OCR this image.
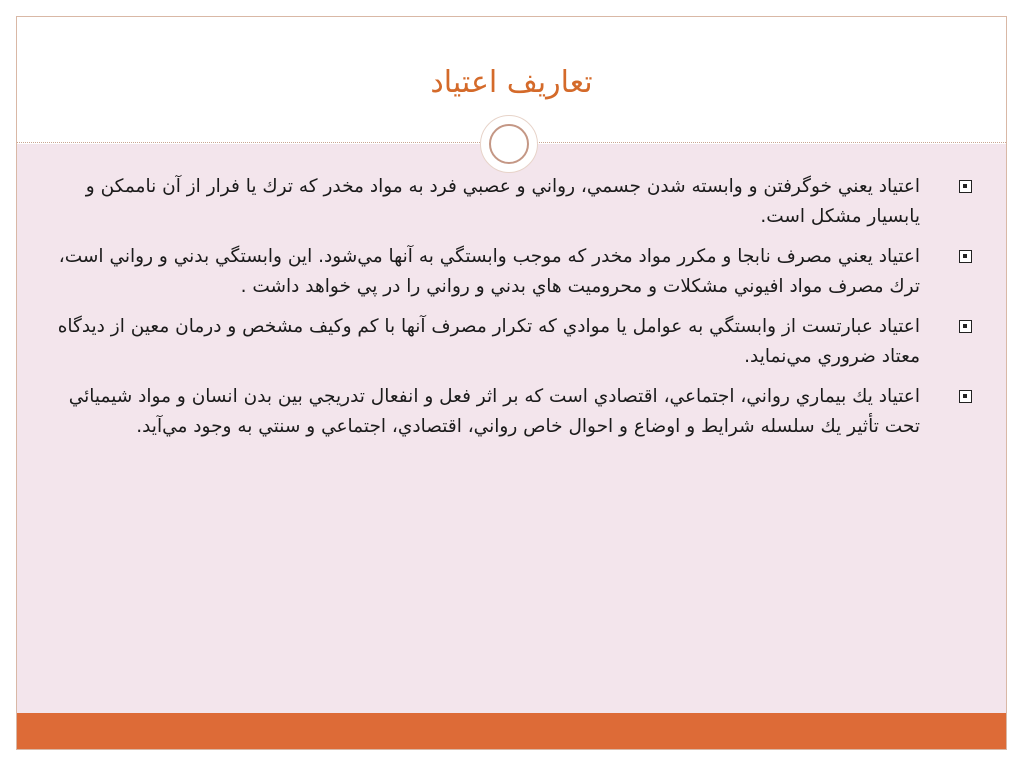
تعاريف اعتياد
اعتياد يعني خوگرفتن و وابسته شدن جسمي، رواني و عصبي فرد به مواد مخدر كه ترك يا فرار از آن ناممكن و يابسيار مشكل است.
اعتياد يعني مصرف نابجا و مكرر مواد مخدر كه موجب وابستگي به آنها مي‌شود. اين وابستگي بدني و رواني است، ترك مصرف مواد افيوني مشكلات و محروميت هاي بدني و رواني را در پي خواهد داشت .
اعتياد عبارتست از وابستگي به عوامل يا موادي كه تكرار مصرف آنها با كم وكيف مشخص و درمان معين از ديدگاه معتاد ضروري مي‌نمايد.
اعتياد يك بيماري رواني، اجتماعي، اقتصادي است كه بر اثر فعل و انفعال تدريجي بين بدن انسان و مواد شيميائي تحت تأثير يك سلسله شرايط و اوضاع و احوال خاص رواني، اقتصادي، اجتماعي و سنتي به وجود مي‌آيد.
